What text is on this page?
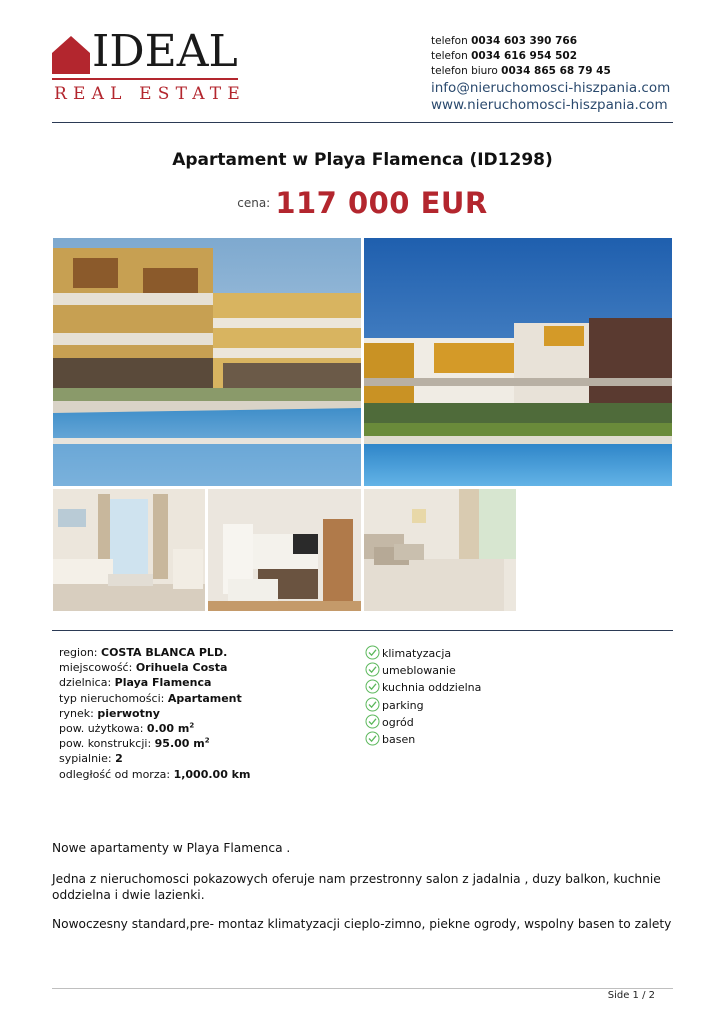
IDEAL
REAL ESTATE
telefon 0034 603 390 766
telefon 0034 616 954 502
telefon biuro 0034 865 68 79 45
info@nieruchomosci-hiszpania.com
www.nieruchomosci-hiszpania.com
Apartament w Playa Flamenca (ID1298)
cena: 117 000 EUR
region: COSTA BLANCA PLD.
miejscowość: Orihuela Costa
dzielnica: Playa Flamenca
typ nieruchomości: Apartament
rynek: pierwotny
pow. użytkowa: 0.00 $m^2$
pow. konstrukcji: 95.00 $m^2$
sypialnie: 2
odległość od morza: 1,000.00 km
klimatyzacja
umeblowanie
kuchnia oddzielna
parking
ogród
basen
Nowe apartamenty w Playa Flamenca .
Jedna z nieruchomosci pokazowych oferuje nam przestronny salon z jadalnia , duzy balkon, kuchnie oddzielna i dwie lazienki.
Nowoczesny standard,pre- montaz klimatyzacji cieplo-zimno, piekne ogrody, wspolny basen to zalety
Side 1 / 2
